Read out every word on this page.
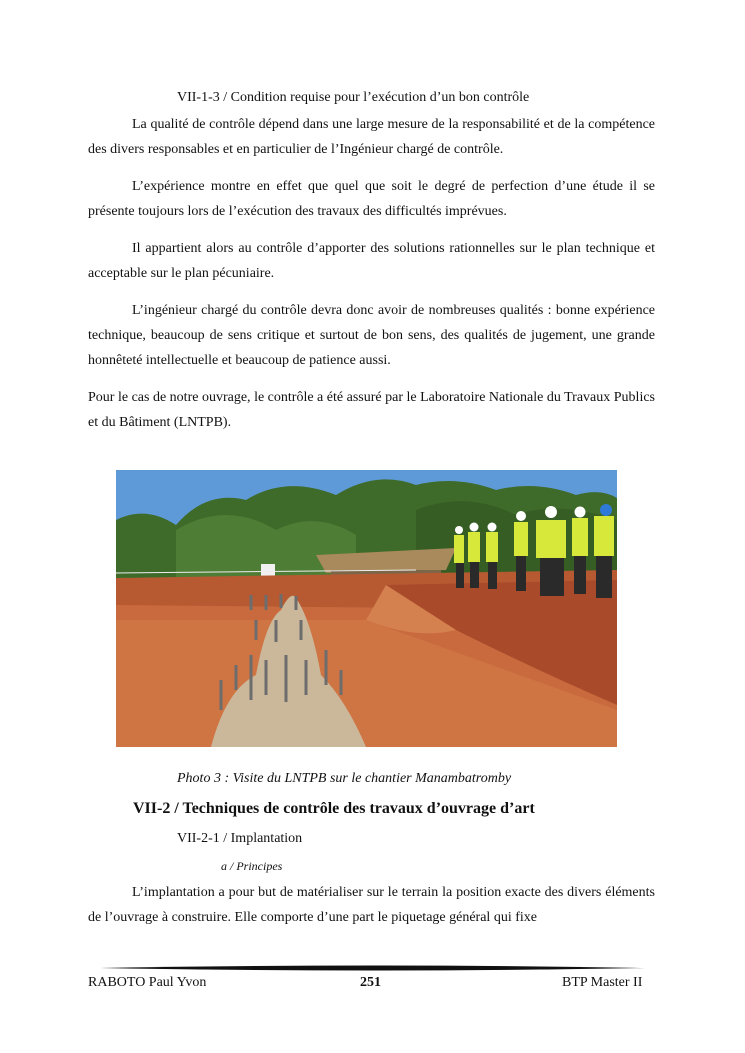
VII-1-3 / Condition requise pour l’exécution d’un bon contrôle

La qualité de contrôle dépend dans une large mesure de la responsabilité et de la compétence des divers responsables et en particulier de l’Ingénieur chargé de contrôle.

L’expérience montre en effet que quel que soit le degré de perfection d’une étude il se présente toujours lors de l’exécution des travaux des difficultés imprévues.

Il appartient alors au contrôle d’apporter des solutions rationnelles sur le plan technique et acceptable sur le plan pécuniaire.

L’ingénieur chargé du contrôle devra donc avoir de nombreuses qualités : bonne expérience technique, beaucoup de sens critique et surtout de bon sens, des qualités de jugement, une grande honnêteté intellectuelle et beaucoup de patience aussi.

Pour le cas de notre ouvrage, le contrôle a été assuré par le Laboratoire Nationale du Travaux Publics et du Bâtiment (LNTPB).

Photo 3 : Visite du LNTPB sur le chantier Manambatromby
VII-2 / Techniques de contrôle des travaux d’ouvrage d’art
VII-2-1 / Implantation
a / Principes

L’implantation a pour but de matérialiser sur le terrain la position exacte des divers éléments de l’ouvrage à construire. Elle comporte d’une part le piquetage général qui fixe

RABOTO Paul Yvon	251	BTP Master II
